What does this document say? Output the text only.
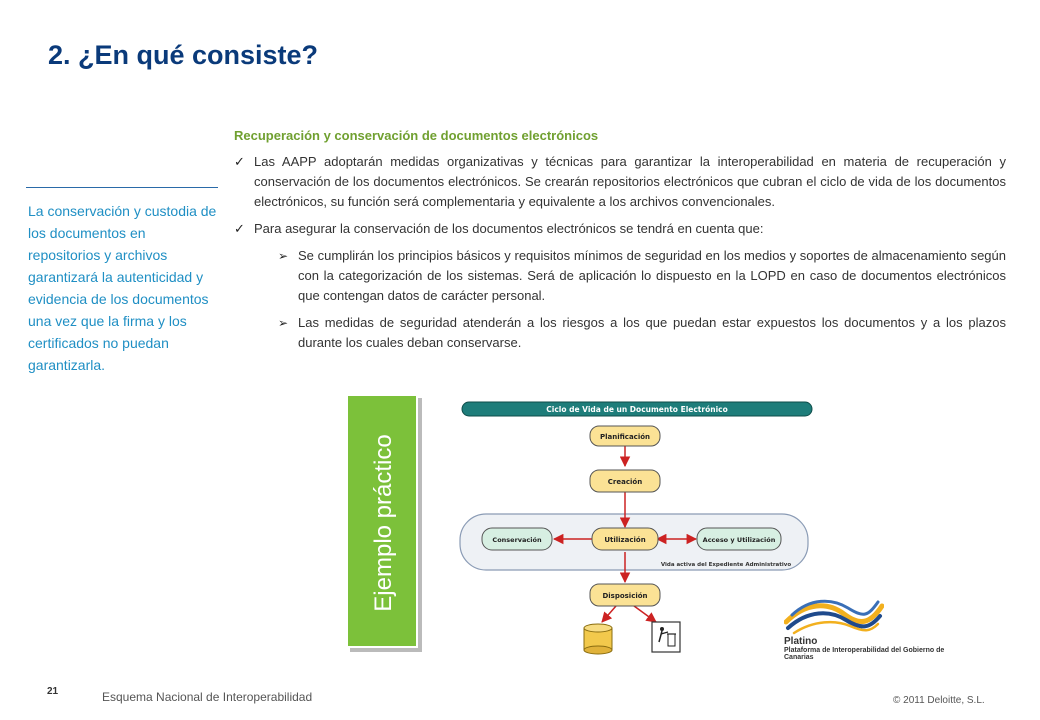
2. ¿En qué consiste?
La conservación y custodia de los documentos en repositorios y archivos garantizará la autenticidad y evidencia de los documentos una vez que la firma y los certificados no puedan garantizarla.

Recuperación y conservación de documentos electrónicos

✓ Las AAPP adoptarán medidas organizativas y técnicas para garantizar la interoperabilidad en materia de recuperación y conservación de los documentos electrónicos. Se crearán repositorios electrónicos que cubran el ciclo de vida de los documentos electrónicos, su función será complementaria y equivalente a los archivos convencionales.
✓ Para asegurar la conservación de los documentos electrónicos se tendrá en cuenta que:
➢ Se cumplirán los principios básicos y requisitos mínimos de seguridad en los medios y soportes de almacenamiento según con la categorización de los sistemas. Será de aplicación lo dispuesto en la LOPD en caso de documentos electrónicos que contengan datos de carácter personal.
➢ Las medidas de seguridad atenderán a los riesgos a los que puedan estar expuestos los documentos y a los plazos durante los cuales deban conservarse.
Ejemplo práctico
Ciclo de Vida de un Documento Electrónico
Vida activa del Expediente Administrativo
Planificación
Creación
Conservación	Utilización	Acceso y Utilización
Disposición
Platino
Plataforma de Interoperabilidad del Gobierno de Canarias
21	Esquema Nacional de Interoperabilidad	© 2011 Deloitte, S.L.
